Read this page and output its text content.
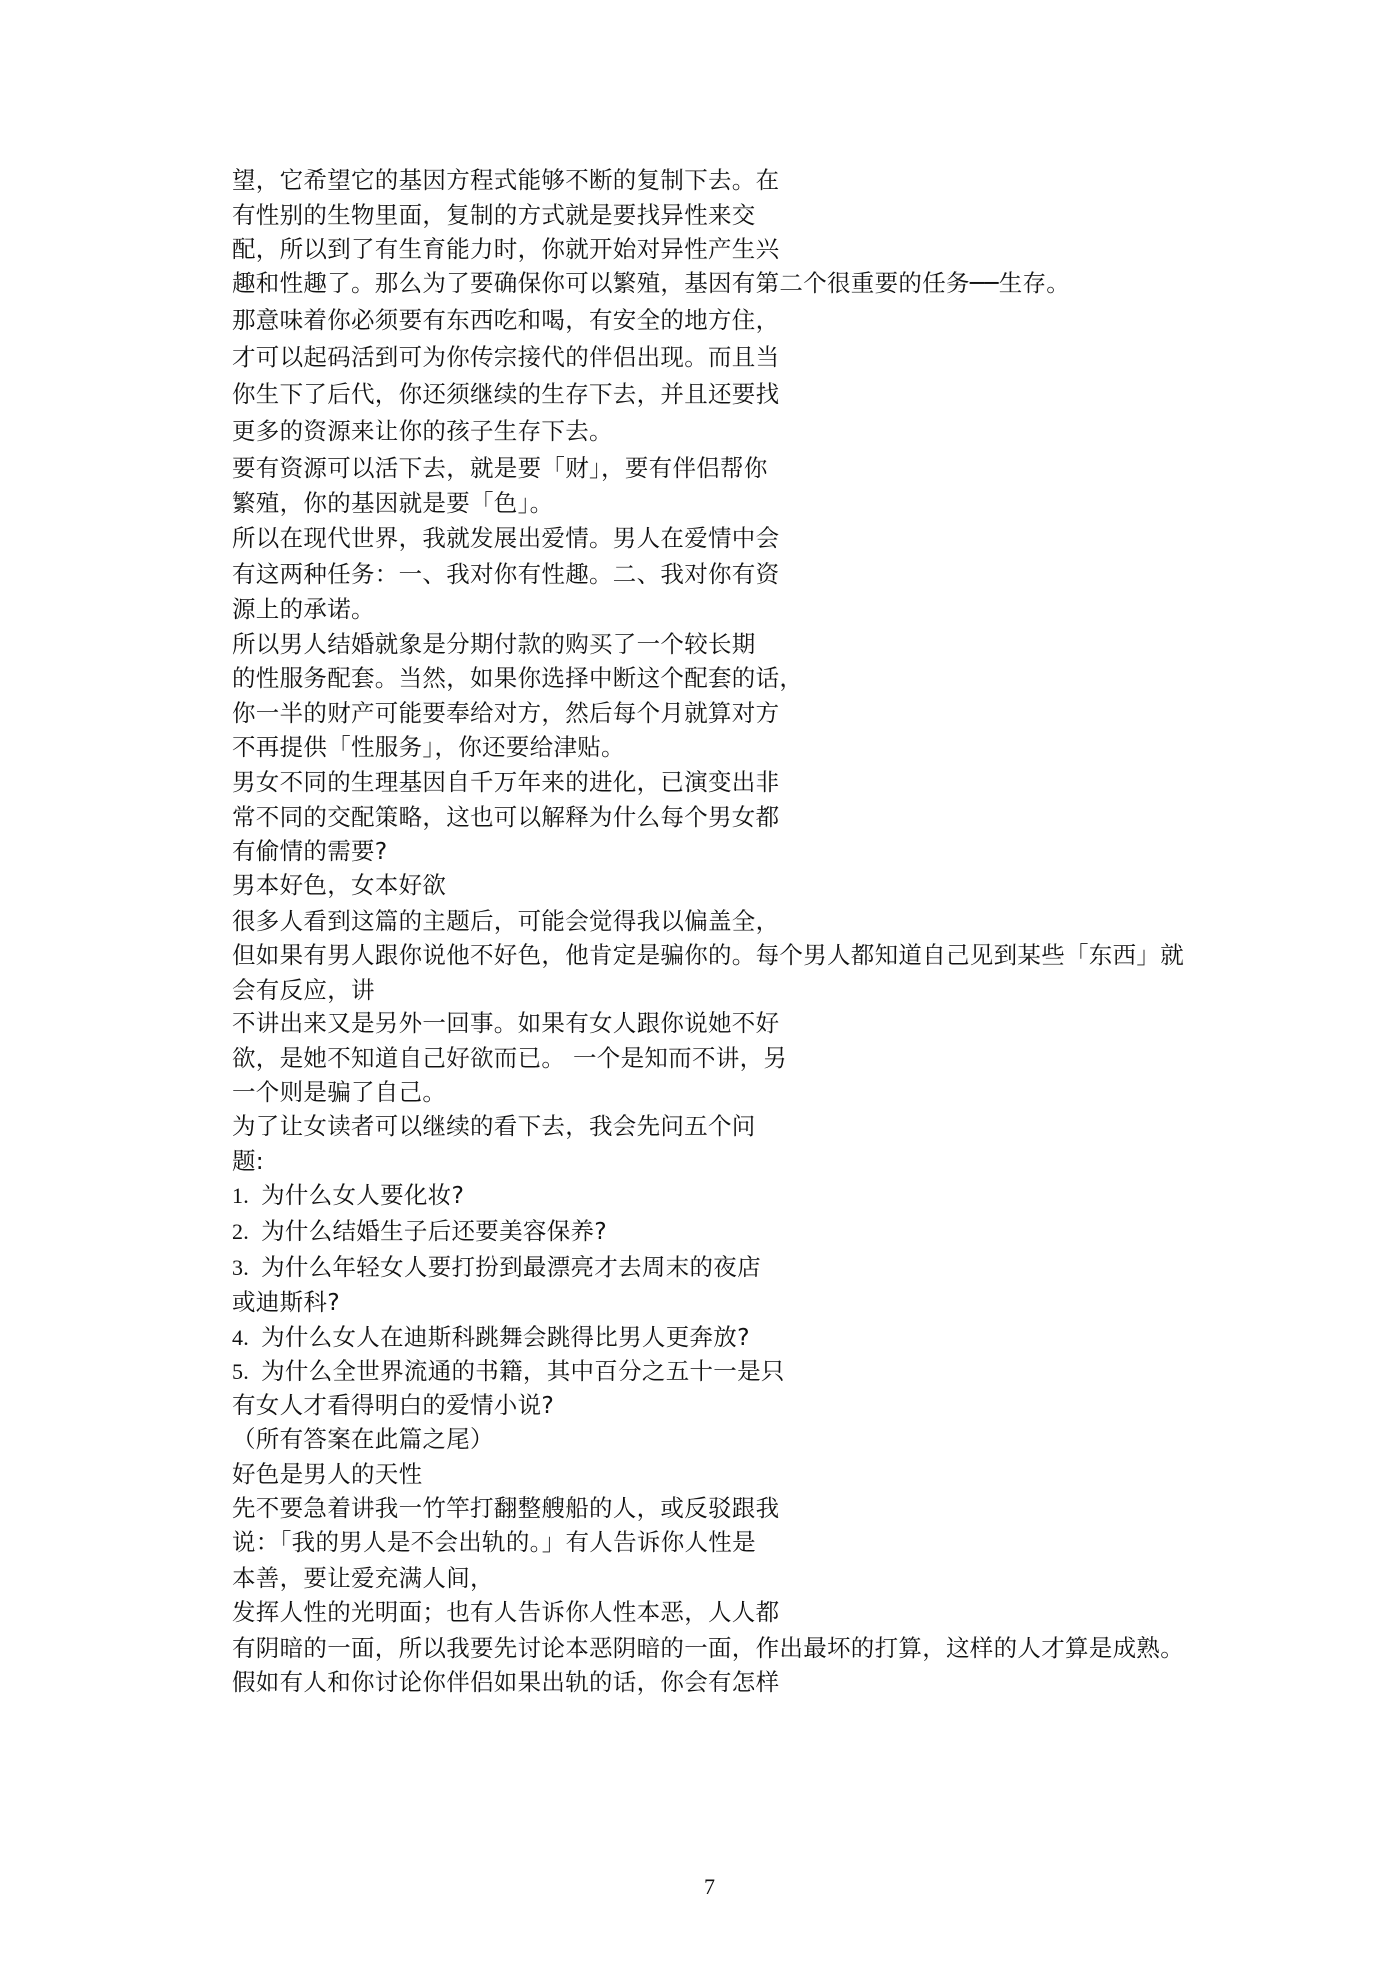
望，它希望它的基因方程式能够不断的复制下去。在
有性别的生物里面，复制的方式就是要找异性来交
配，所以到了有生育能力时，你就开始对异性产生兴
趣和性趣了。那么为了要确保你可以繁殖，基因有第二个很重要的任务──生存。
那意味着你必须要有东西吃和喝，有安全的地方住，
才可以起码活到可为你传宗接代的伴侣出现。而且当
你生下了后代，你还须继续的生存下去，并且还要找
更多的资源来让你的孩子生存下去。
要有资源可以活下去，就是要「财」，要有伴侣帮你
繁殖，你的基因就是要「色」。
所以在现代世界，我就发展出爱情。男人在爱情中会
有这两种任务：一、我对你有性趣。二、我对你有资
源上的承诺。
所以男人结婚就象是分期付款的购买了一个较长期
的性服务配套。当然，如果你选择中断这个配套的话，
你一半的财产可能要奉给对方，然后每个月就算对方
不再提供「性服务」，你还要给津贴。
男女不同的生理基因自千万年来的进化，已演变出非
常不同的交配策略，这也可以解释为什么每个男女都
有偷情的需要?
男本好色，女本好欲
很多人看到这篇的主题后，可能会觉得我以偏盖全，
但如果有男人跟你说他不好色，他肯定是骗你的。每个男人都知道自己见到某些「东西」就
会有反应，讲
不讲出来又是另外一回事。如果有女人跟你说她不好
欲，是她不知道自己好欲而已。 一个是知而不讲，另
一个则是骗了自己。
为了让女读者可以继续的看下去，我会先问五个问
题:
1. 为什么女人要化妆?
2. 为什么结婚生子后还要美容保养?
3. 为什么年轻女人要打扮到最漂亮才去周末的夜店
4. 为什么女人在迪斯科跳舞会跳得比男人更奔放?
5. 为什么全世界流通的书籍，其中百分之五十一是只
或迪斯科?
有女人才看得明白的爱情小说?
（所有答案在此篇之尾）
好色是男人的天性
先不要急着讲我一竹竿打翻整艘船的人，或反驳跟我
说：「我的男人是不会出轨的。」有人告诉你人性是
本善，要让爱充满人间，
发挥人性的光明面；也有人告诉你人性本恶，人人都
有阴暗的一面，所以我要先讨论本恶阴暗的一面，作出最坏的打算，这样的人才算是成熟。
假如有人和你讨论你伴侣如果出轨的话，你会有怎样
7
